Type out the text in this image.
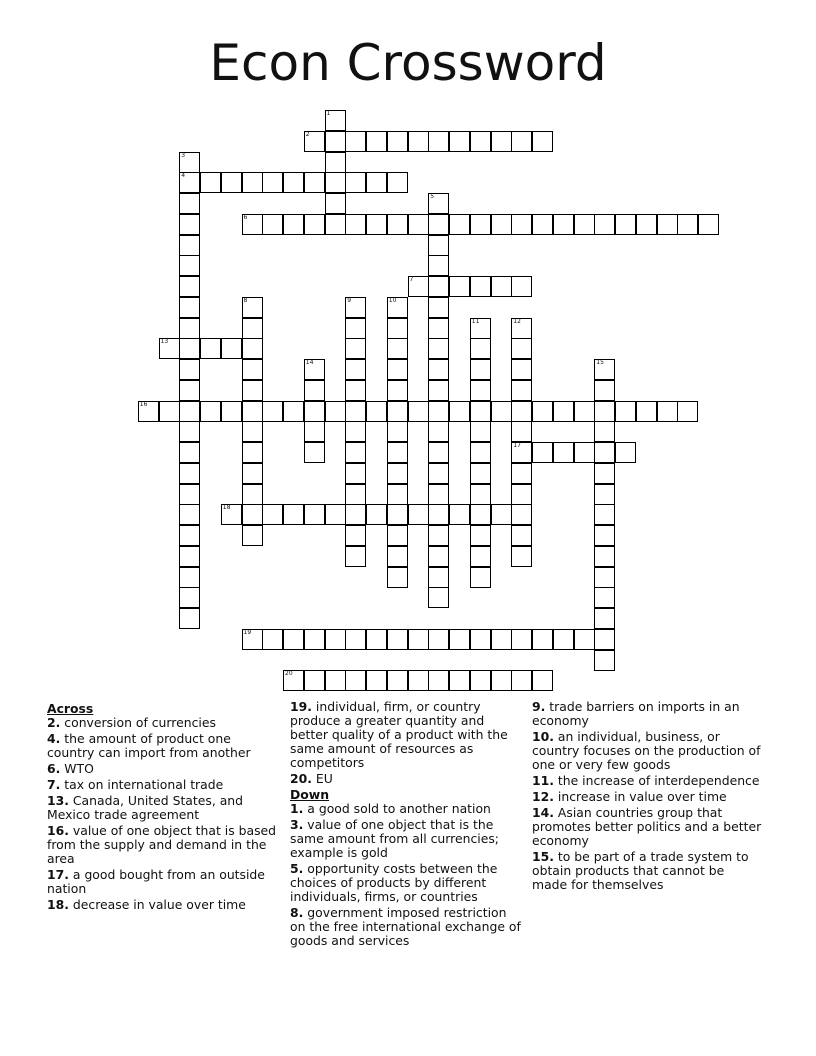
Econ Crossword
1
2
3
4
5
6
7
8	9	10
11	12
17
13
14	15
16
18
19
20
Across
2. conversion of currencies
4. the amount of product one country can import from another
6. WTO
7. tax on international trade
13. Canada, United States, and Mexico trade agreement
16. value of one object that is based from the supply and demand in the area
17. a good bought from an outside nation
18. decrease in value over time
19. individual, firm, or country produce a greater quantity and better quality of a product with the same amount of resources as competitors
20. EU
Down
1. a good sold to another nation
3. value of one object that is the same amount from all currencies; example is gold
5. opportunity costs between the choices of products by different individuals, firms, or countries
8. government imposed restriction on the free international exchange of goods and services
9. trade barriers on imports in an economy
10. an individual, business, or country focuses on the production of one or very few goods
11. the increase of interdependence
12. increase in value over time
14. Asian countries group that promotes better politics and a better economy
15. to be part of a trade system to obtain products that cannot be made for themselves
